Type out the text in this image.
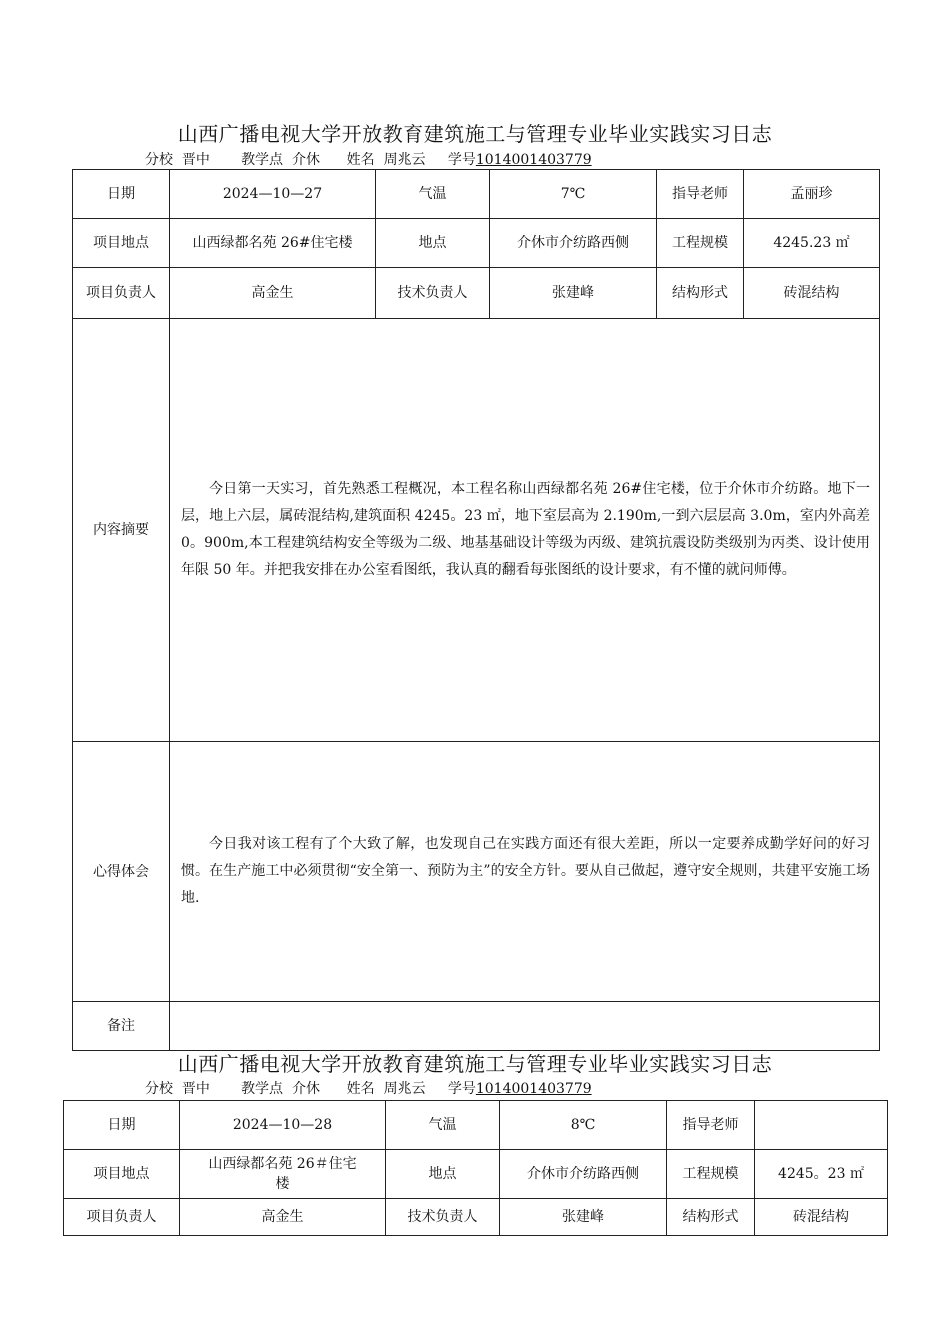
山西广播电视大学开放教育建筑施工与管理专业毕业实践实习日志
分校 晋中 教学点 介休 姓名 周兆云 学号1014001403779
日期	2024—10—27	气温	7℃	指导老师	孟丽珍
项目地点	山西绿都名苑 26#住宅楼	地点	介休市介纺路西侧	工程规模	4245.23 ㎡
项目负责人	高金生	技术负责人	张建峰	结构形式	砖混结构
内容摘要	今日第一天实习，首先熟悉工程概况，本工程名称山西绿都名苑 26#住宅楼，位于介休市介纺路。地下一层，地上六层，属砖混结构,建筑面积 4245。23 ㎡，地下室层高为 2.190m,一到六层层高 3.0m，室内外高差 0。900m,本工程建筑结构安全等级为二级、地基基础设计等级为丙级、建筑抗震设防类级别为丙类、设计使用年限 50 年。并把我安排在办公室看图纸，我认真的翻看每张图纸的设计要求，有不懂的就问师傅。				

心得体会	今日我对该工程有了个大致了解，也发现自己在实践方面还有很大差距，所以一定要养成勤学好问的好习惯。在生产施工中必须贯彻“安全第一、预防为主”的安全方针。要从自己做起，遵守安全规则，共建平安施工场地.				

备注					
山西广播电视大学开放教育建筑施工与管理专业毕业实践实习日志
分校 晋中 教学点 介休 姓名 周兆云 学号1014001403779
日期	2024—10—28	气温	8℃	指导老师	
项目地点	山西绿都名苑 26＃住宅楼	地点	介休市介纺路西侧	工程规模	4245。23 ㎡
项目负责人	高金生	技术负责人	张建峰	结构形式	砖混结构
